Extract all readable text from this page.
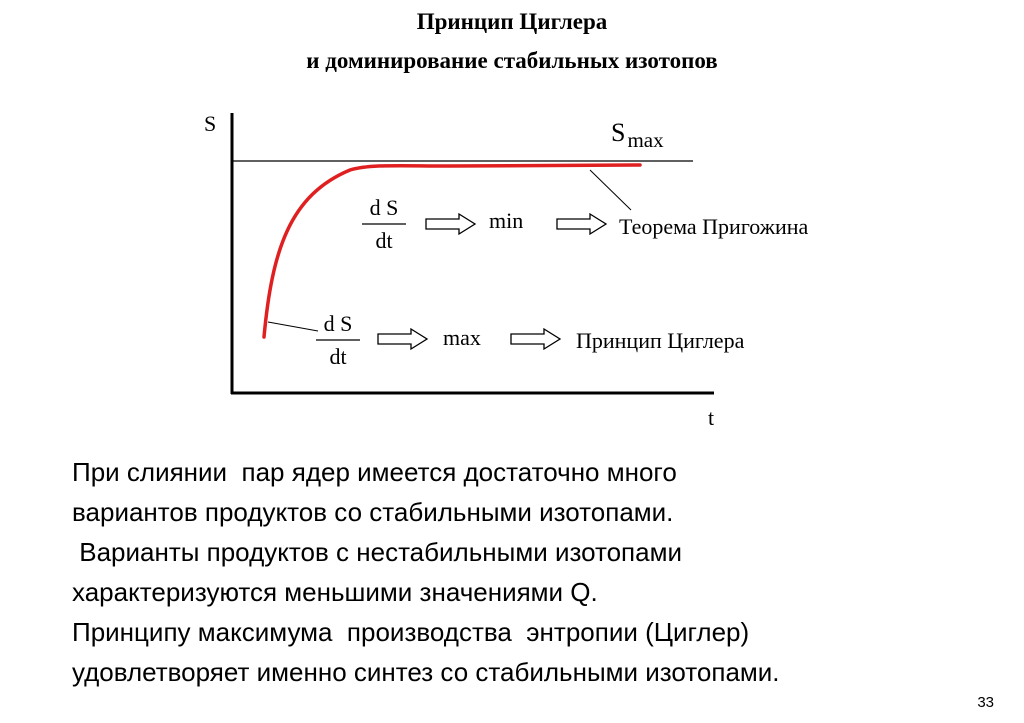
Принцип Циглера
и доминирование стабильных изотопов
S
t
Smax
d S
dt
min	Теорема Пригожина
d S
dt
max	Принцип Циглера
При слиянии  пар ядер имеется достаточно много
вариантов продуктов со стабильными изотопами.
Варианты продуктов с нестабильными изотопами
характеризуются меньшими значениями Q.
Принципу максимума  производства  энтропии (Циглер)
удовлетворяет именно синтез со стабильными изотопами.
33
